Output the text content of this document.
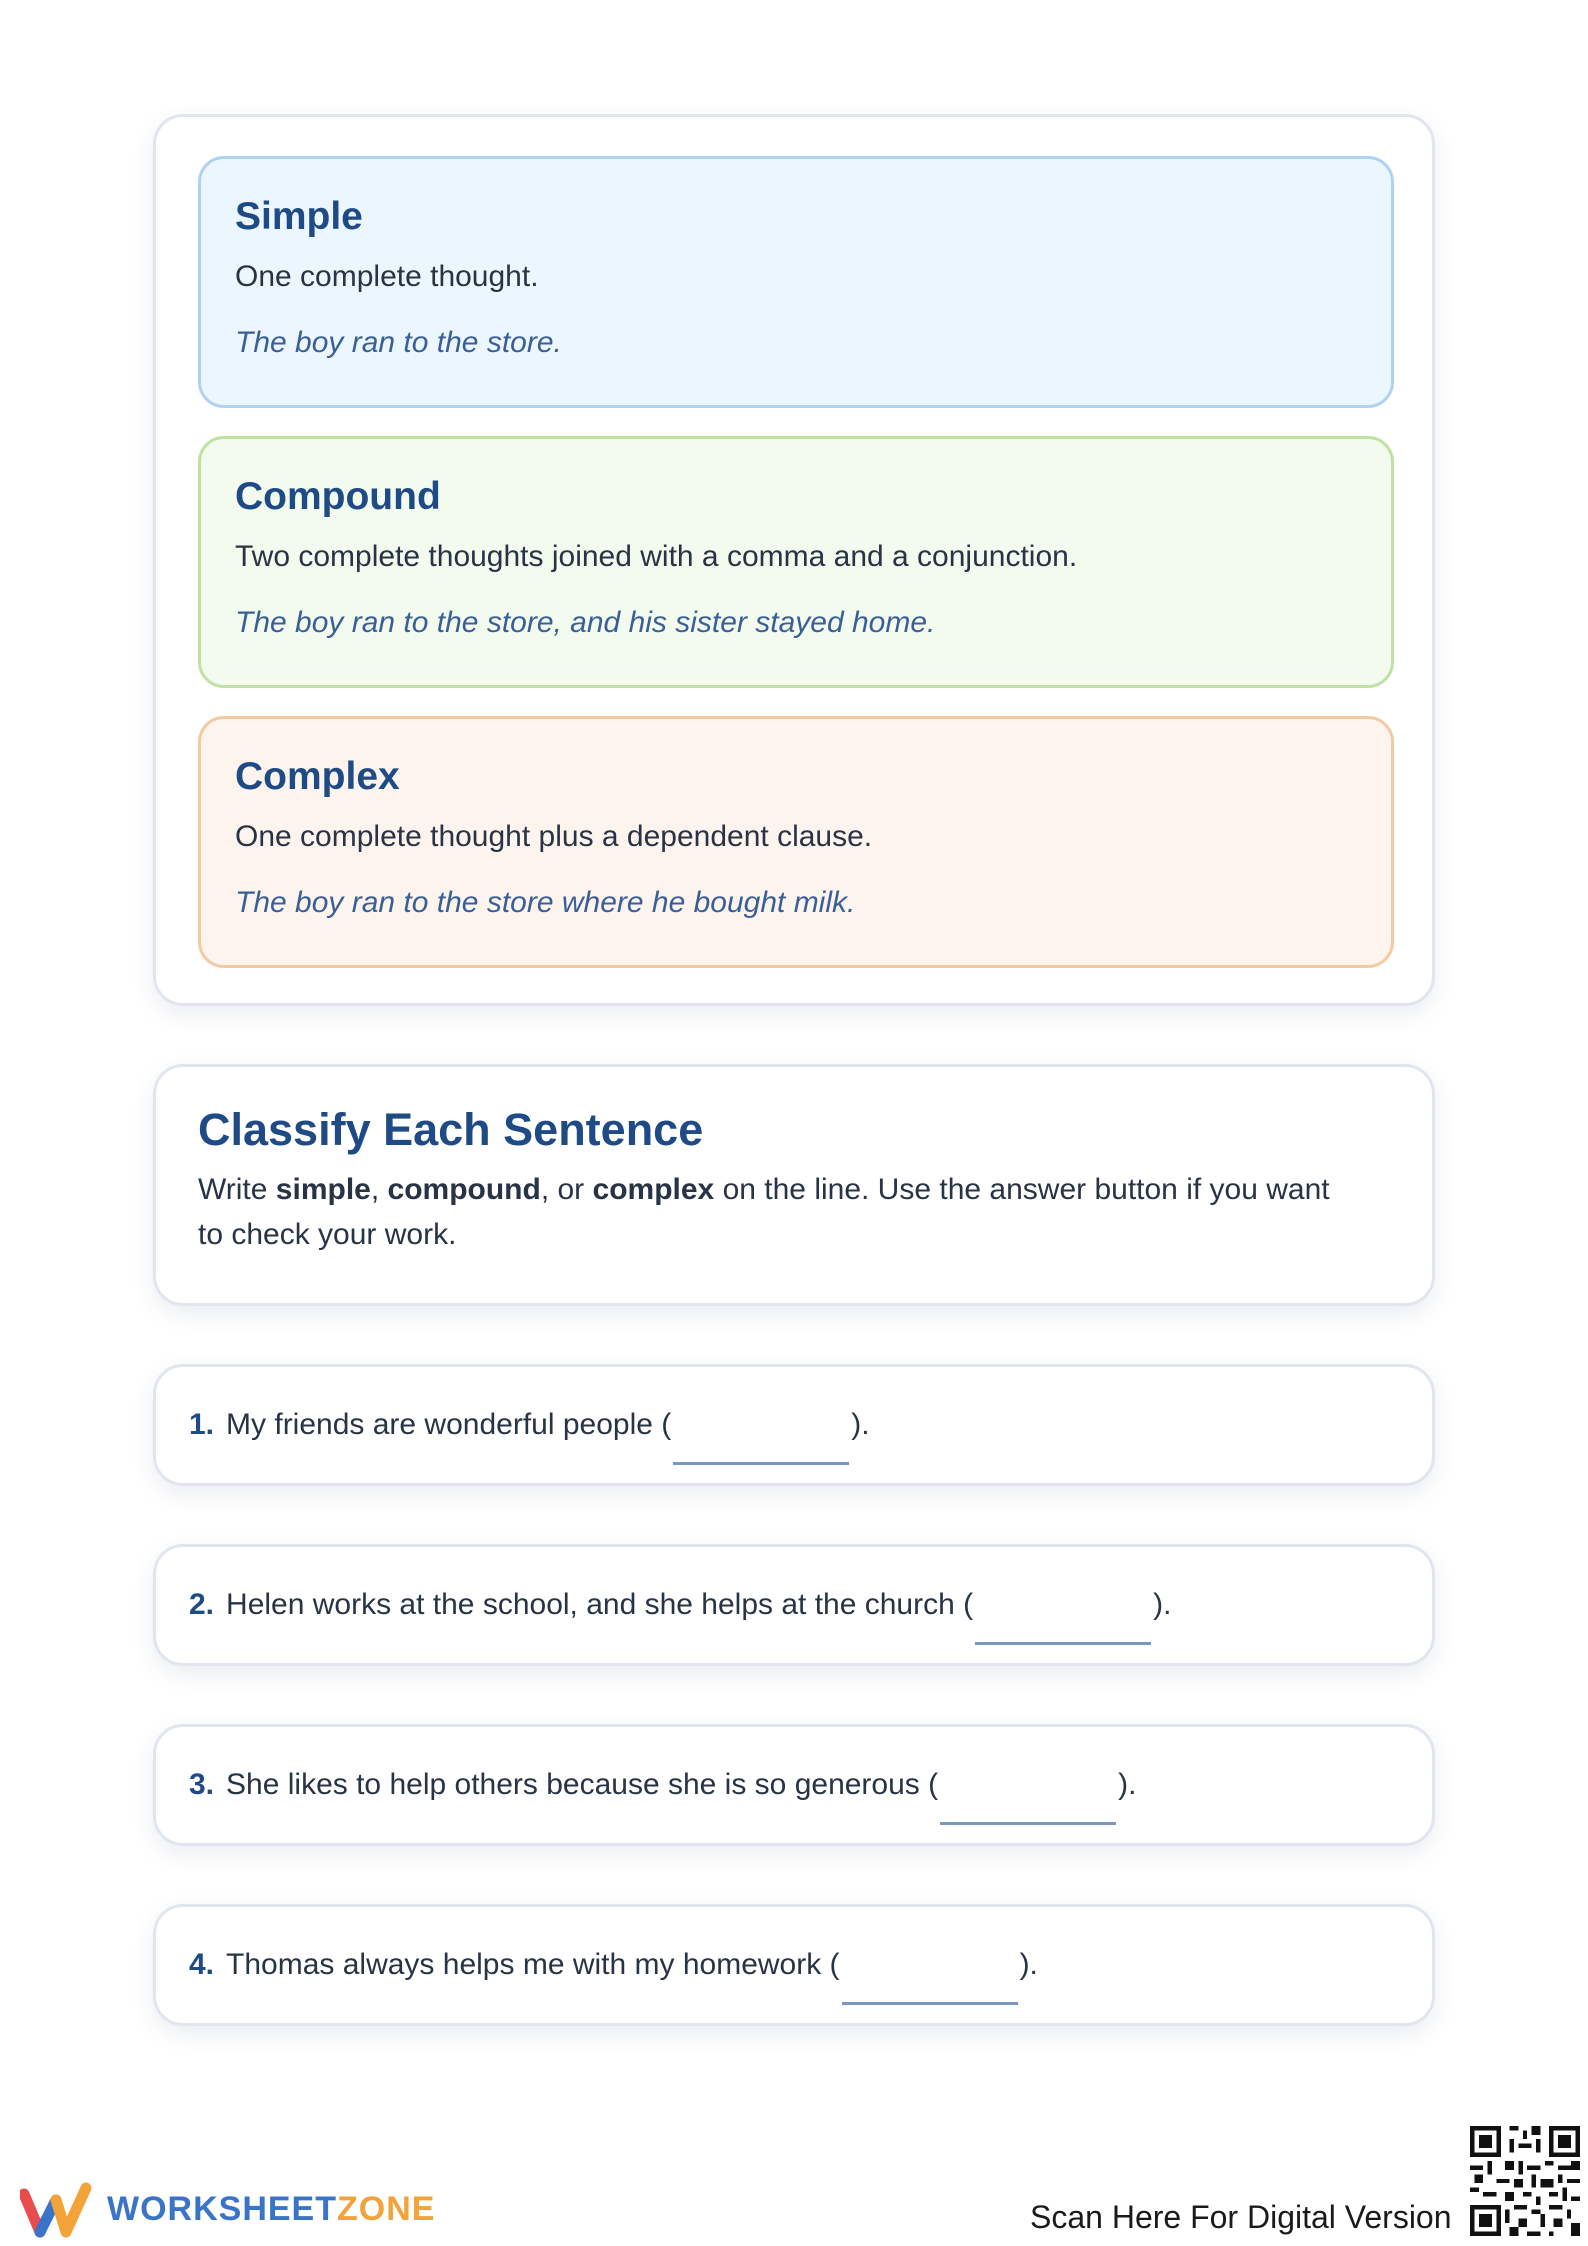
Simple
One complete thought.
The boy ran to the store.
Compound
Two complete thoughts joined with a comma and a conjunction.
The boy ran to the store, and his sister stayed home.
Complex
One complete thought plus a dependent clause.
The boy ran to the store where he bought milk.
Classify Each Sentence
Write simple, compound, or complex on the line. Use the answer button if you want to check your work.
1. My friends are wonderful people (	).
2. Helen works at the school, and she helps at the church (	).
3. She likes to help others because she is so generous (	).
4. Thomas always helps me with my homework (	).
WORKSHEETZONE	Scan Here For Digital Version
